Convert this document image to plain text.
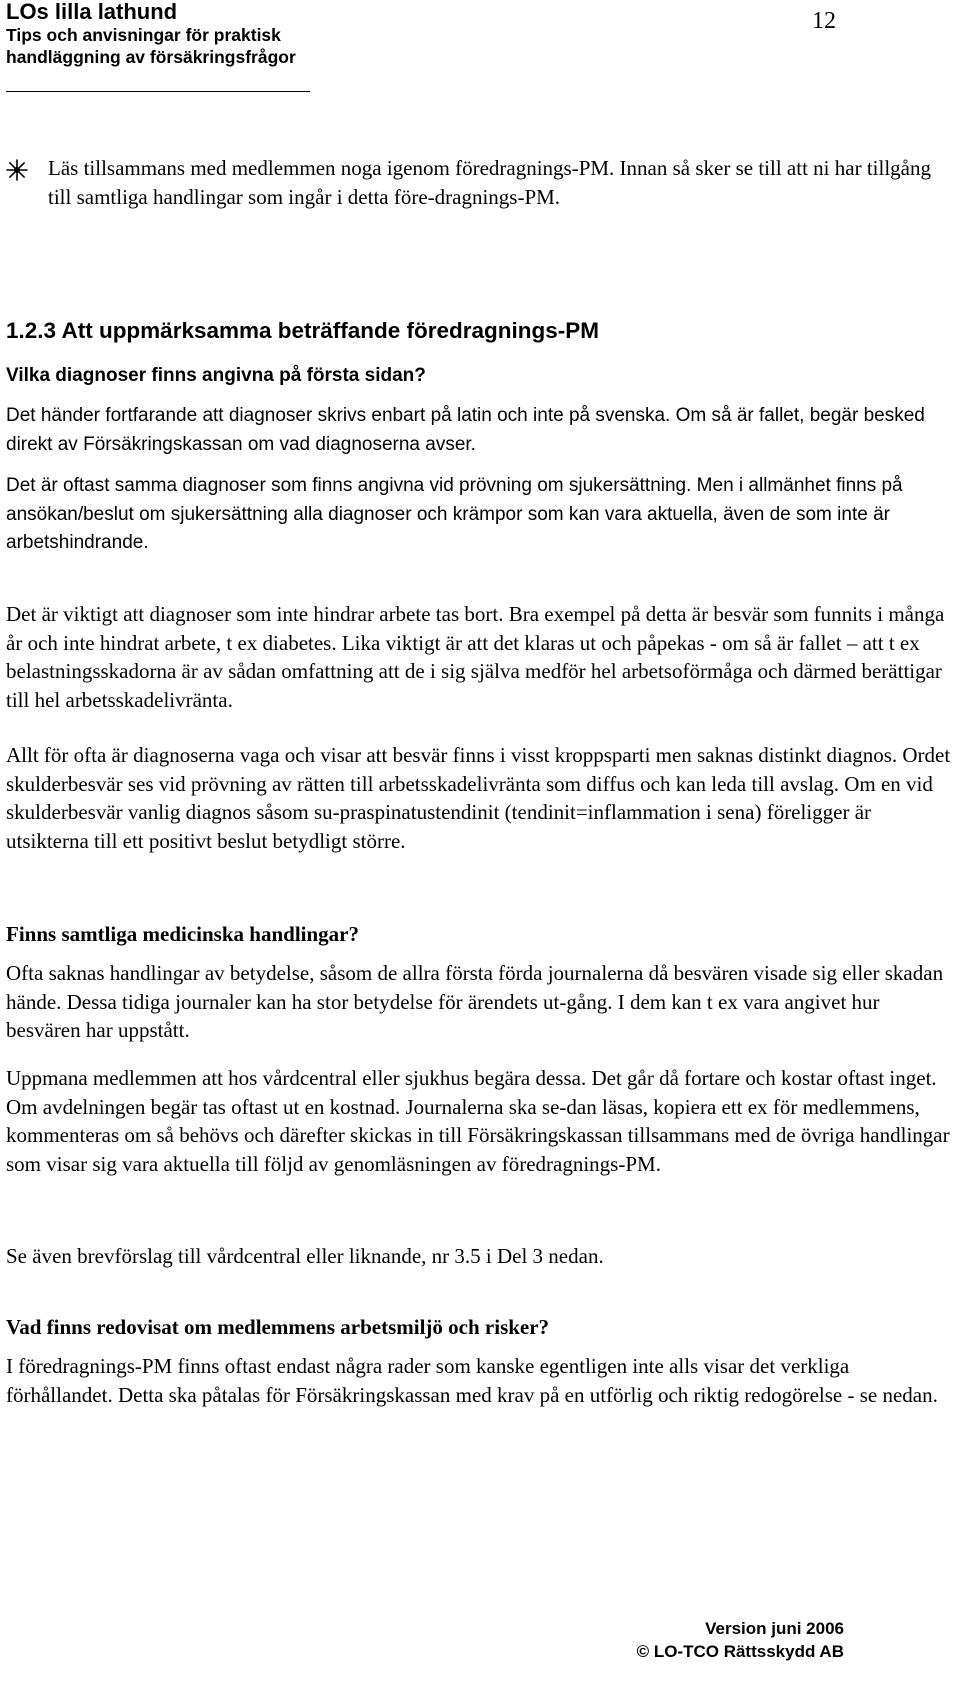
LOs lilla lathund

Tips och anvisningar för praktisk

handläggning av försäkringsfrågor

12

Läs tillsammans med medlemmen noga igenom föredragnings-PM. Innan så sker se till att ni har tillgång till samtliga handlingar som ingår i detta före-dragnings-PM.

1.2.3 Att uppmärksamma beträffande föredragnings-PM

Vilka diagnoser finns angivna på första sidan?

Det händer fortfarande att diagnoser skrivs enbart på latin och inte på svenska. Om så är fallet, begär besked direkt av Försäkringskassan om vad diagnoserna avser.

Det är oftast samma diagnoser som finns angivna vid prövning om sjukersättning. Men i allmänhet finns på ansökan/beslut om sjukersättning alla diagnoser och krämpor som kan vara aktuella, även de som inte är arbetshindrande.

Det är viktigt att diagnoser som inte hindrar arbete tas bort. Bra exempel på detta är besvär som funnits i många år och inte hindrat arbete, t ex diabetes. Lika viktigt är att det klaras ut och påpekas - om så är fallet – att t ex belastningsskadorna är av sådan omfattning att de i sig själva medför hel arbetsoförmåga och därmed berättigar till hel arbetsskadelivränta.

Allt för ofta är diagnoserna vaga och visar att besvär finns i visst kroppsparti men saknas distinkt diagnos. Ordet skulderbesvär ses vid prövning av rätten till arbetsskadelivränta som diffus och kan leda till avslag. Om en vid skulderbesvär vanlig diagnos såsom su-praspinatustendinit (tendinit=inflammation i sena) föreligger är utsikterna till ett positivt beslut betydligt större.

Finns samtliga medicinska handlingar?

Ofta saknas handlingar av betydelse, såsom de allra första förda journalerna då besvären visade sig eller skadan hände. Dessa tidiga journaler kan ha stor betydelse för ärendets ut-gång. I dem kan t ex vara angivet hur besvären har uppstått.

Uppmana medlemmen att hos vårdcentral eller sjukhus begära dessa. Det går då fortare och kostar oftast inget. Om avdelningen begär tas oftast ut en kostnad. Journalerna ska se-dan läsas, kopiera ett ex för medlemmens, kommenteras om så behövs och därefter skickas in till Försäkringskassan tillsammans med de övriga handlingar som visar sig vara aktuella till följd av genomläsningen av föredragnings-PM.

Se även brevförslag till vårdcentral eller liknande, nr 3.5 i Del 3 nedan.

Vad finns redovisat om medlemmens arbetsmiljö och risker?

I föredragnings-PM finns oftast endast några rader som kanske egentligen inte alls visar det verkliga förhållandet. Detta ska påtalas för Försäkringskassan med krav på en utförlig och riktig redogörelse - se nedan.

Version juni 2006
© LO-TCO Rättsskydd AB
